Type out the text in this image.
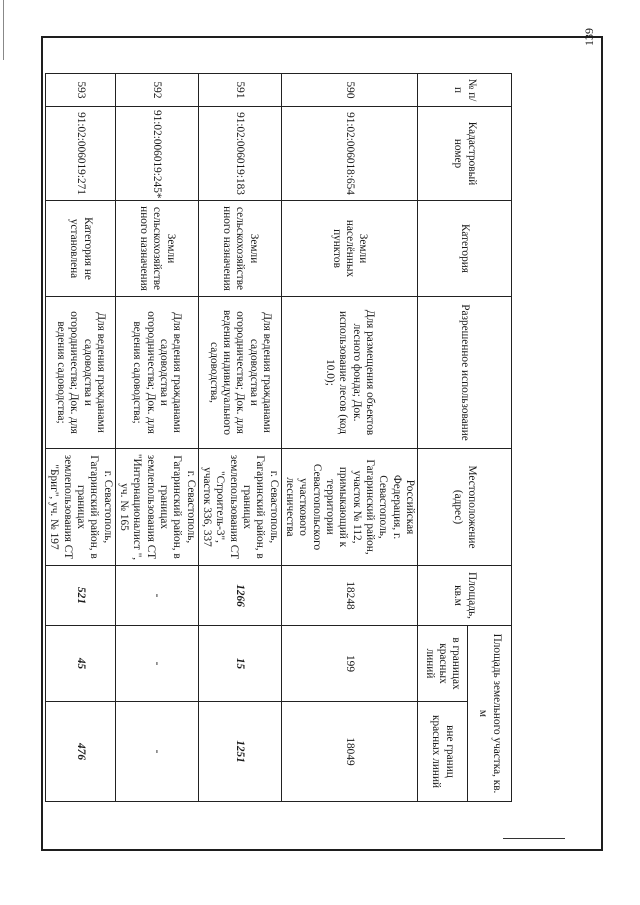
139
№ п/п	Кадастровый номер	Категория	Разрешенное использование	Местоположение (адрес)	Площадь, кв.м	Площадь земельного участка, кв. м	
						в границах красных линий	вне границ красных линий
590	91:02:006018:654	Земли населённых пунктов	Для размещения объектов лесного фонда; Док. использование лесов (код 10.0);	Российская Федерация, г. Севастополь, Гагаринский район, участок № 112, примыкающий к территории Севастопольского участкового лесничества	18248	199	18049
591	91:02:006019:183	Земли сельскохозяйстве нного назначения	Для ведения гражданами садоводства и огородничества; Док. для ведения индивидуального садоводства,	г. Севастополь, Гагаринский район, в границах землепользования СТ "Строитель-3", участок 336, 337	1266	15	1251
592	91:02:006019:245*	Земли сельскохозяйстве нного назначения	Для ведения гражданами садоводства и огородничества; Док. для ведения садоводства;	г. Севастополь, Гагаринский район, в границах землепользования СТ "Интернационалист ", уч. № 165	-	-	-
593	91:02:006019:271	Категория не установлена	Для ведения гражданами садоводства и огородничества; Док. для ведения садоводства;	г. Севастополь, Гагаринский район, в границах землепользования СТ "Бриг", уч. № 197	521	45	476
